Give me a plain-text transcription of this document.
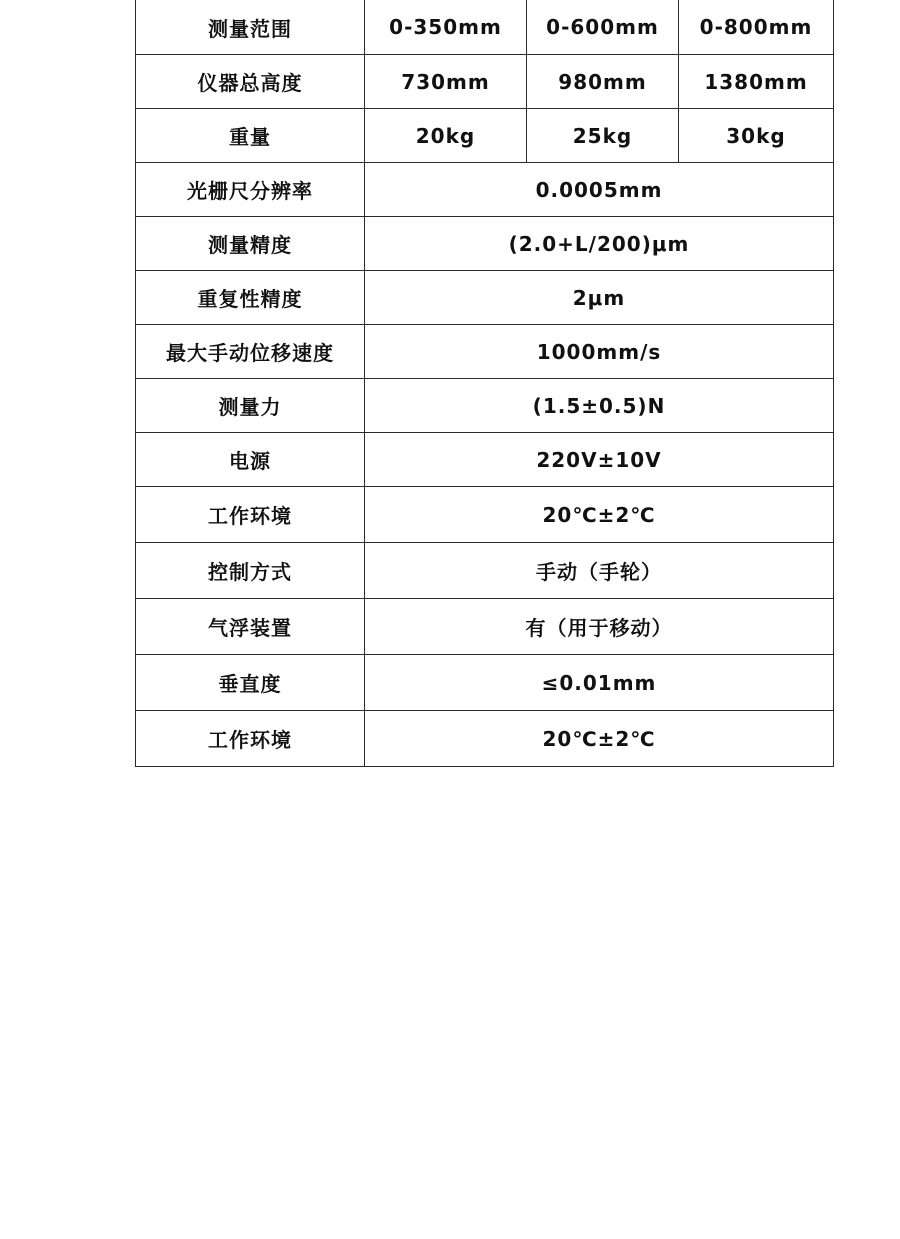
测量范围	0-350mm	0-600mm	0-800mm
仪器总高度	730mm	980mm	1380mm
重量	20kg	25kg	30kg
光栅尺分辨率	0.0005mm		
测量精度	(2.0+L/200)μm		
重复性精度	2μm		
最大手动位移速度	1000mm/s		
测量力	(1.5±0.5)N		
电源	220V±10V		
工作环境	20℃±2℃		
控制方式	手动（手轮）		
气浮装置	有（用于移动）		
垂直度	≤0.01mm		
工作环境	20℃±2℃		
